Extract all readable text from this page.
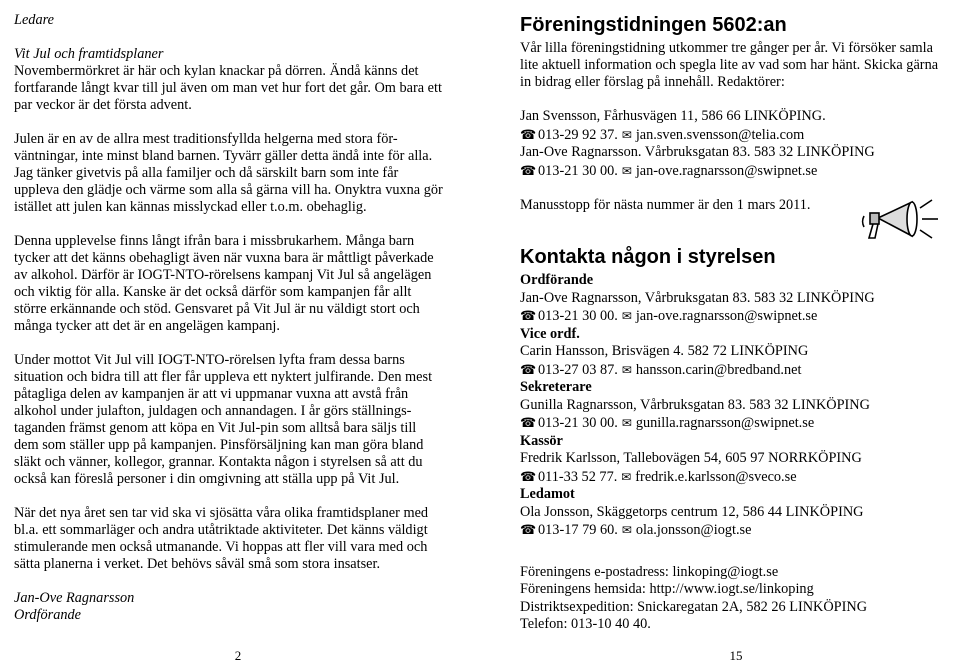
Ledare

Vit Jul och framtidsplaner

Novembermörkret är här och kylan knackar på dörren. Ändå känns det fortfarande långt kvar till jul även om man vet hur fort det går. Om bara ett par veckor är det första advent.

Julen är en av de allra mest traditionsfyllda helgerna med stora för-väntningar, inte minst bland barnen. Tyvärr gäller detta ändå inte för alla. Jag tänker givetvis på alla familjer och då särskilt barn som inte får uppleva den glädje och värme som alla så gärna vill ha. Onyktra vuxna gör istället att julen kan kännas misslyckad eller t.o.m. obehaglig.

Denna upplevelse finns långt ifrån bara i missbrukarhem. Många barn tycker att det känns obehagligt även när vuxna bara är måttligt påverkade av alkohol. Därför är IOGT-NTO-rörelsens kampanj Vit Jul så angelägen och viktig för alla. Kanske är det också därför som kampanjen får allt större erkännande och stöd. Gensvaret på Vit Jul är nu väldigt stort och många tycker att det är en angelägen kampanj.

Under mottot Vit Jul vill IOGT-NTO-rörelsen lyfta fram dessa barns situation och bidra till att fler får uppleva ett nyktert julfirande. Den mest påtagliga delen av kampanjen är att vi uppmanar vuxna att avstå från alkohol under julafton, juldagen och annandagen. I år görs ställnings-taganden främst genom att köpa en Vit Jul-pin som alltså bara säljs till dem som ställer upp på kampanjen. Pinsförsäljning kan man göra bland släkt och vänner, kollegor, grannar. Kontakta någon i styrelsen så att du också kan föreslå personer i din omgivning att ställa upp på Vit Jul.

När det nya året sen tar vid ska vi sjösätta våra olika framtidsplaner med bl.a. ett sommarläger och andra utåtriktade aktiviteter. Det känns väldigt stimulerande men också utmanande. Vi hoppas att fler vill vara med och sätta planerna i verket. Det behövs såväl små som stora insatser.

Jan-Ove Ragnarsson

Ordförande

Föreningstidningen 5602:an

Vår lilla föreningstidning utkommer tre gånger per år. Vi försöker samla lite aktuell information och spegla lite av vad som har hänt. Skicka gärna in bidrag eller förslag på innehåll. Redaktörer:

Jan Svensson, Fårhusvägen 11, 586 66 LINKÖPING.

☎ 013-29 92 37. ✉ jan.sven.svensson@telia.com

Jan-Ove Ragnarsson. Vårbruksgatan 83. 583 32 LINKÖPING

☎ 013-21 30 00. ✉ jan-ove.ragnarsson@swipnet.se

Manusstopp för nästa nummer är den 1 mars 2011.

Kontakta någon i styrelsen

Ordförande

Jan-Ove Ragnarsson, Vårbruksgatan 83. 583 32 LINKÖPING

☎ 013-21 30 00. ✉ jan-ove.ragnarsson@swipnet.se

Vice ordf.

Carin Hansson, Brisvägen 4. 582 72 LINKÖPING

☎ 013-27 03 87. ✉ hansson.carin@bredband.net

Sekreterare

Gunilla Ragnarsson, Vårbruksgatan 83. 583 32 LINKÖPING

☎ 013-21 30 00. ✉ gunilla.ragnarsson@swipnet.se

Kassör

Fredrik Karlsson, Tallebovägen 54, 605 97 NORRKÖPING

☎ 011-33 52 77. ✉ fredrik.e.karlsson@sveco.se

Ledamot

Ola Jonsson, Skäggetorps centrum 12, 586 44 LINKÖPING

☎ 013-17 79 60. ✉ ola.jonsson@iogt.se

Föreningens e-postadress: linkoping@iogt.se

Föreningens hemsida: http://www.iogt.se/linkoping

Distriktsexpedition: Snickaregatan 2A, 582 26 LINKÖPING

Telefon: 013-10 40 40.

2	15
